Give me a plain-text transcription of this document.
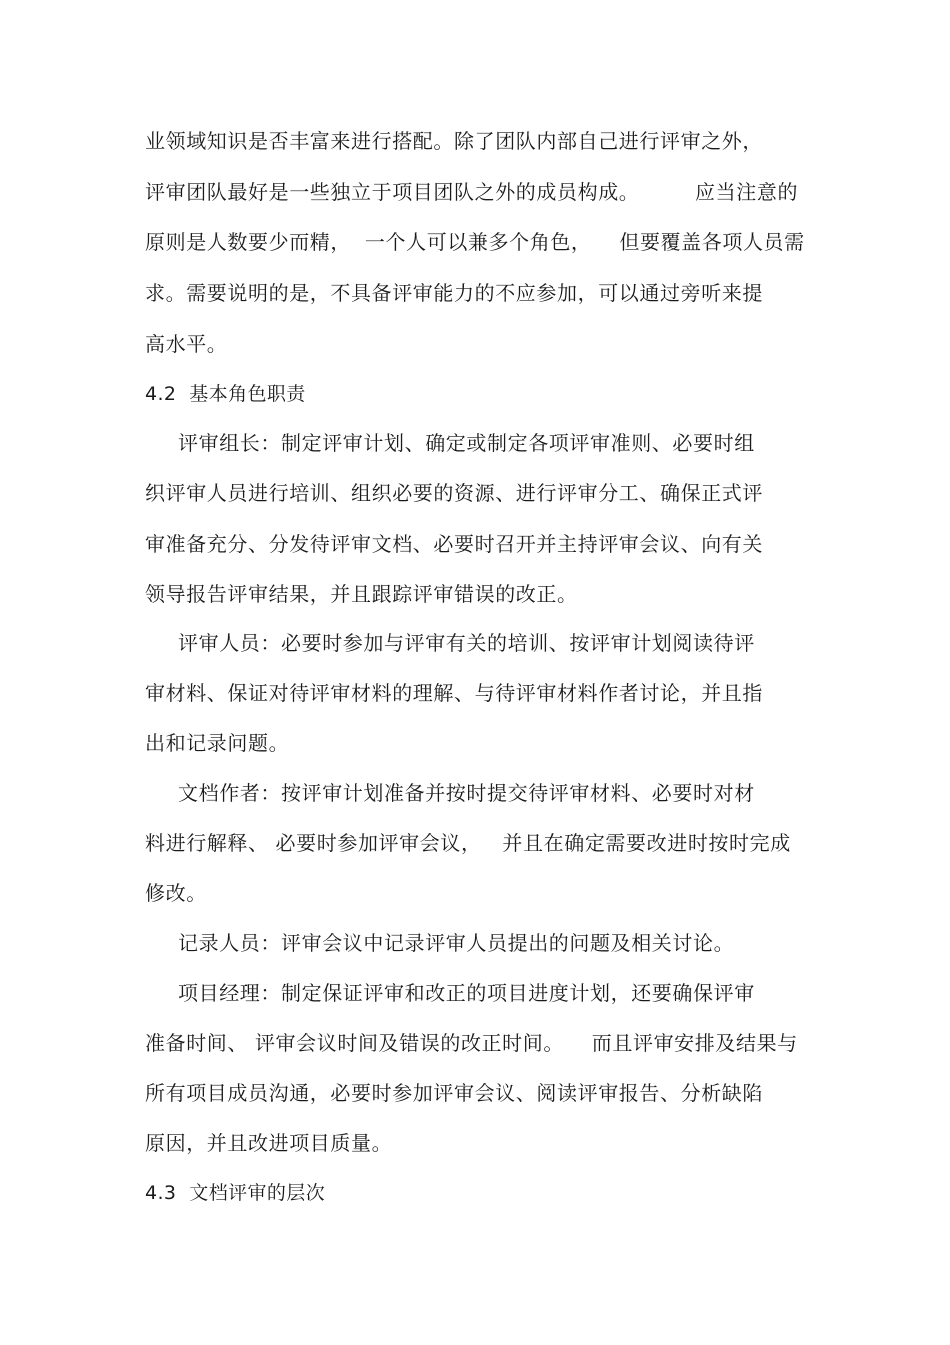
业领域知识是否丰富来进行搭配。除了团队内部自己进行评审之外，
评审团队最好是一些独立于项目团队之外的成员构成。        应当注意的
原则是人数要少而精，  一个人可以兼多个角色，    但要覆盖各项人员需
求。需要说明的是，不具备评审能力的不应参加，可以通过旁听来提
高水平。
4.2  基本角色职责
评审组长：制定评审计划、确定或制定各项评审准则、必要时组
织评审人员进行培训、组织必要的资源、进行评审分工、确保正式评
审准备充分、分发待评审文档、必要时召开并主持评审会议、向有关
领导报告评审结果，并且跟踪评审错误的改正。
评审人员：必要时参加与评审有关的培训、按评审计划阅读待评
审材料、保证对待评审材料的理解、与待评审材料作者讨论，并且指
出和记录问题。
文档作者：按评审计划准备并按时提交待评审材料、必要时对材
料进行解释、 必要时参加评审会议，   并且在确定需要改进时按时完成
修改。
记录人员：评审会议中记录评审人员提出的问题及相关讨论。
项目经理：制定保证评审和改正的项目进度计划，还要确保评审
准备时间、 评审会议时间及错误的改正时间。    而且评审安排及结果与
所有项目成员沟通，必要时参加评审会议、阅读评审报告、分析缺陷
原因，并且改进项目质量。
4.3  文档评审的层次
